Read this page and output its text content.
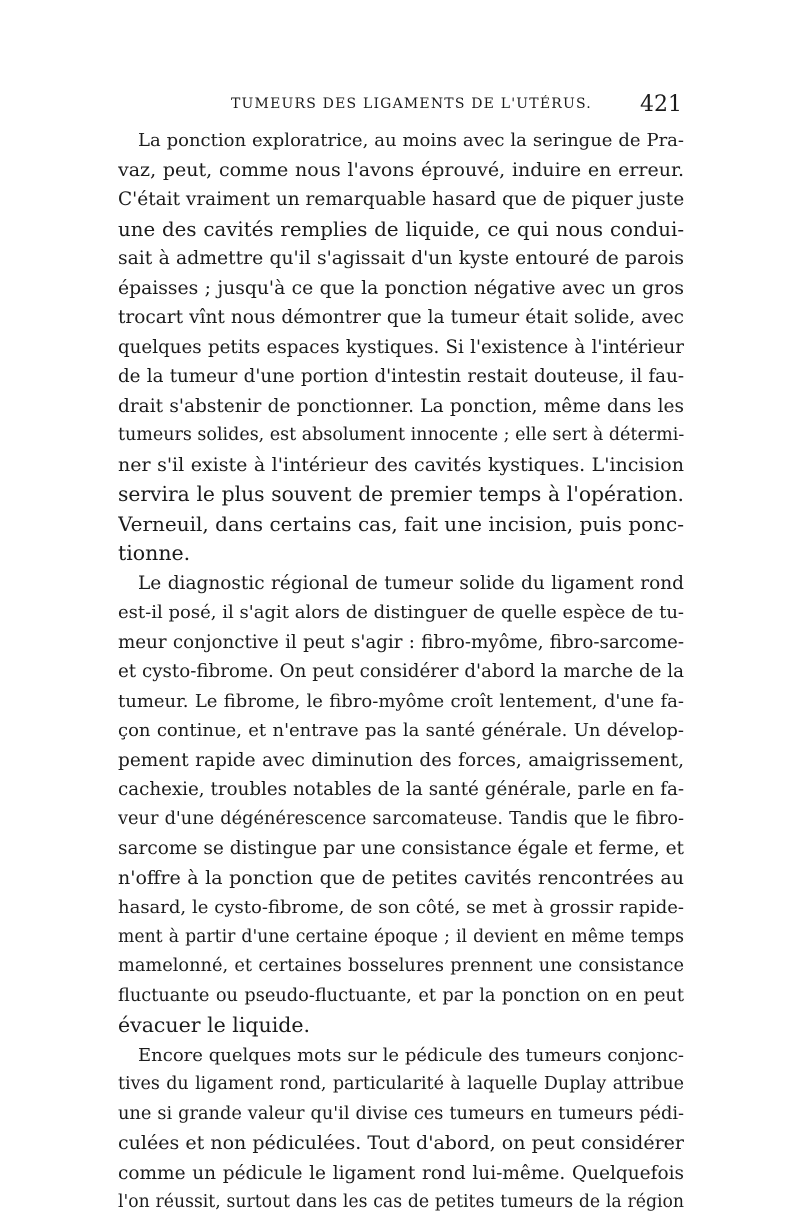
TUMEURS DES LIGAMENTS DE L'UTÉRUS. 421
La ponction exploratrice, au moins avec la seringue de Pra-
vaz, peut, comme nous l'avons éprouvé, induire en erreur.
C'était vraiment un remarquable hasard que de piquer juste
une des cavités remplies de liquide, ce qui nous condui-
sait à admettre qu'il s'agissait d'un kyste entouré de parois
épaisses ; jusqu'à ce que la ponction négative avec un gros
trocart vînt nous démontrer que la tumeur était solide, avec
quelques petits espaces kystiques. Si l'existence à l'intérieur
de la tumeur d'une portion d'intestin restait douteuse, il fau-
drait s'abstenir de ponctionner. La ponction, même dans les
tumeurs solides, est absolument innocente ; elle sert à détermi-
ner s'il existe à l'intérieur des cavités kystiques. L'incision
servira le plus souvent de premier temps à l'opération.
Verneuil, dans certains cas, fait une incision, puis ponc-
tionne.
Le diagnostic régional de tumeur solide du ligament rond
est-il posé, il s'agit alors de distinguer de quelle espèce de tu-
meur conjonctive il peut s'agir : fibro-myôme, fibro-sarcome-
et cysto-fibrome. On peut considérer d'abord la marche de la
tumeur. Le fibrome, le fibro-myôme croît lentement, d'une fa-
çon continue, et n'entrave pas la santé générale. Un dévelop-
pement rapide avec diminution des forces, amaigrissement,
cachexie, troubles notables de la santé générale, parle en fa-
veur d'une dégénérescence sarcomateuse. Tandis que le fibro-
sarcome se distingue par une consistance égale et ferme, et
n'offre à la ponction que de petites cavités rencontrées au
hasard, le cysto-fibrome, de son côté, se met à grossir rapide-
ment à partir d'une certaine époque ; il devient en même temps
mamelonné, et certaines bosselures prennent une consistance
fluctuante ou pseudo-fluctuante, et par la ponction on en peut
évacuer le liquide.
Encore quelques mots sur le pédicule des tumeurs conjonc-
tives du ligament rond, particularité à laquelle Duplay attribue
une si grande valeur qu'il divise ces tumeurs en tumeurs pédi-
culées et non pédiculées. Tout d'abord, on peut considérer
comme un pédicule le ligament rond lui-même. Quelquefois
l'on réussit, surtout dans les cas de petites tumeurs de la région
